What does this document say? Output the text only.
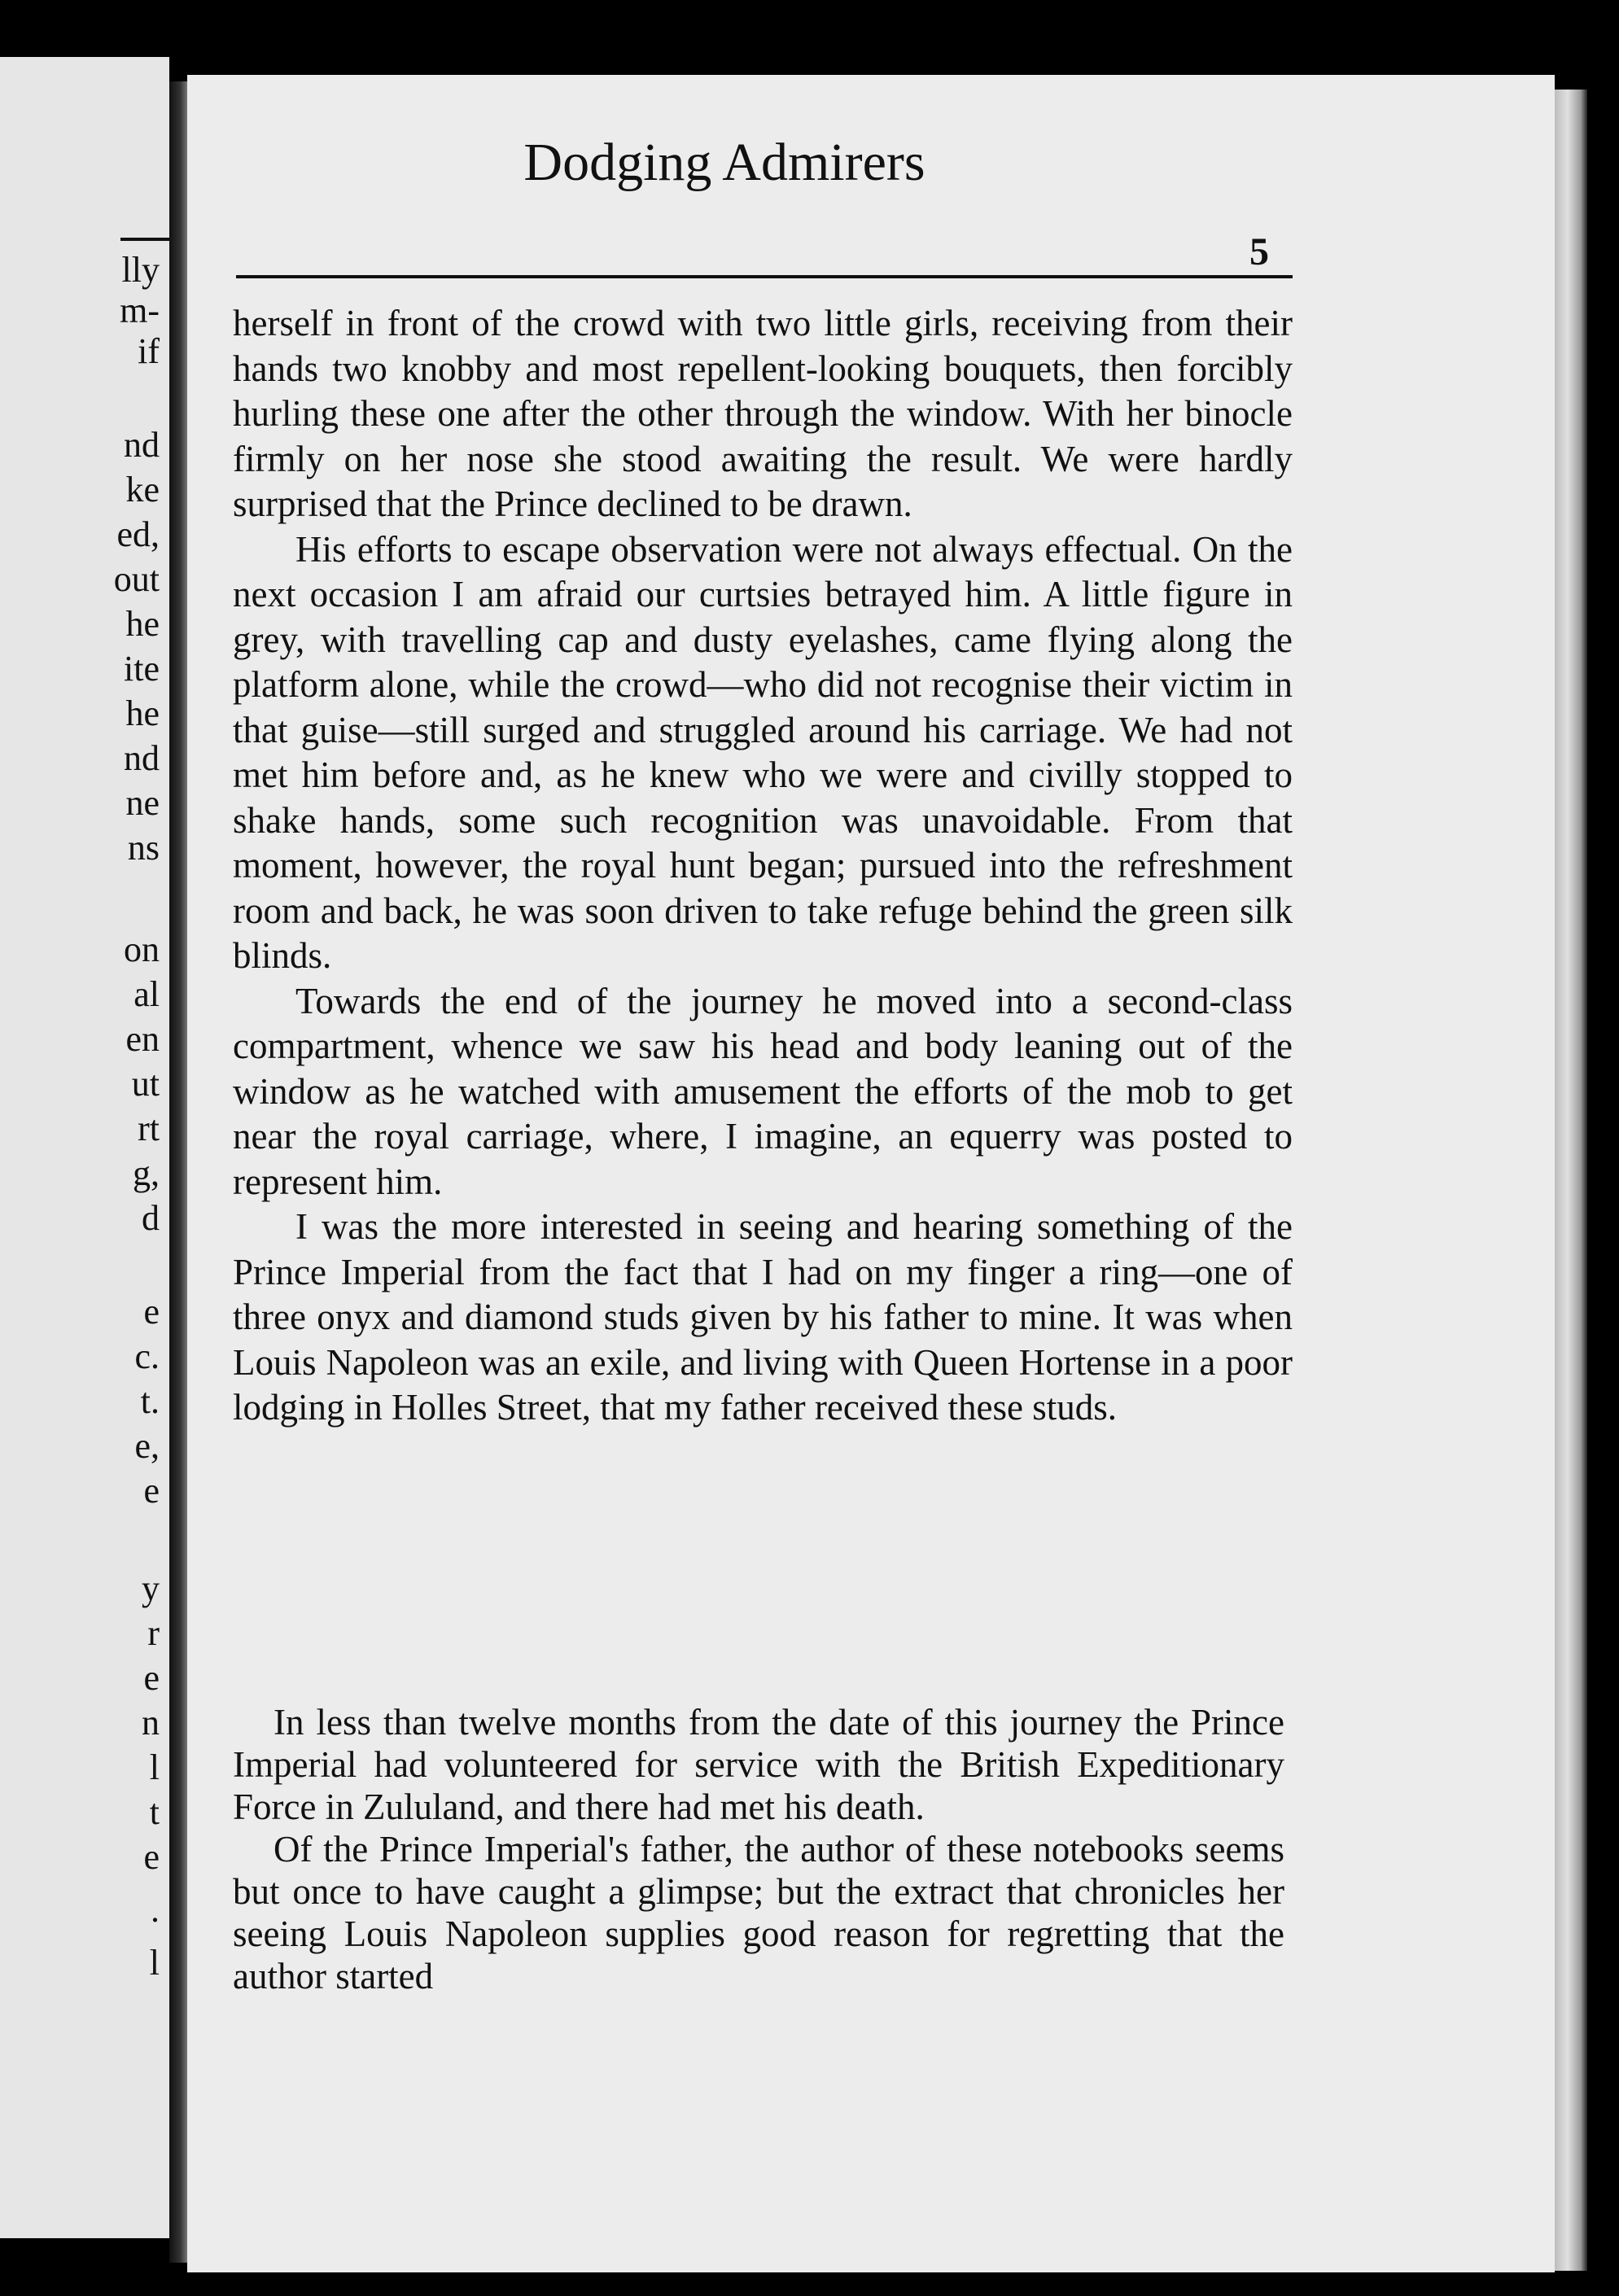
lly
m-
if
nd
ke
ed,
out
he
ite
he
nd
ne
ns
on
al
en
ut
rt
g,
d
e
c.
t.
e,
e
y
r
e
n
l
t
e
.
l
Dodging Admirers
5

herself in front of the crowd with two little girls, receiving from their hands two knobby and most repellent-looking bouquets, then forcibly hurling these one after the other through the window. With her binocle firmly on her nose she stood awaiting the result. We were hardly surprised that the Prince declined to be drawn.

His efforts to escape observation were not always effectual. On the next occasion I am afraid our curtsies betrayed him. A little figure in grey, with travelling cap and dusty eyelashes, came flying along the platform alone, while the crowd—who did not recognise their victim in that guise—still surged and struggled around his carriage. We had not met him before and, as he knew who we were and civilly stopped to shake hands, some such recognition was unavoidable. From that moment, however, the royal hunt began; pursued into the refreshment room and back, he was soon driven to take refuge behind the green silk blinds.

Towards the end of the journey he moved into a second-class compartment, whence we saw his head and body leaning out of the window as he watched with amusement the efforts of the mob to get near the royal carriage, where, I imagine, an equerry was posted to represent him.

I was the more interested in seeing and hearing something of the Prince Imperial from the fact that I had on my finger a ring—one of three onyx and diamond studs given by his father to mine. It was when Louis Napoleon was an exile, and living with Queen Hortense in a poor lodging in Holles Street, that my father received these studs.

In less than twelve months from the date of this journey the Prince Imperial had volunteered for service with the British Expeditionary Force in Zululand, and there had met his death.

Of the Prince Imperial's father, the author of these notebooks seems but once to have caught a glimpse; but the extract that chronicles her seeing Louis Napoleon supplies good reason for regretting that the author started
